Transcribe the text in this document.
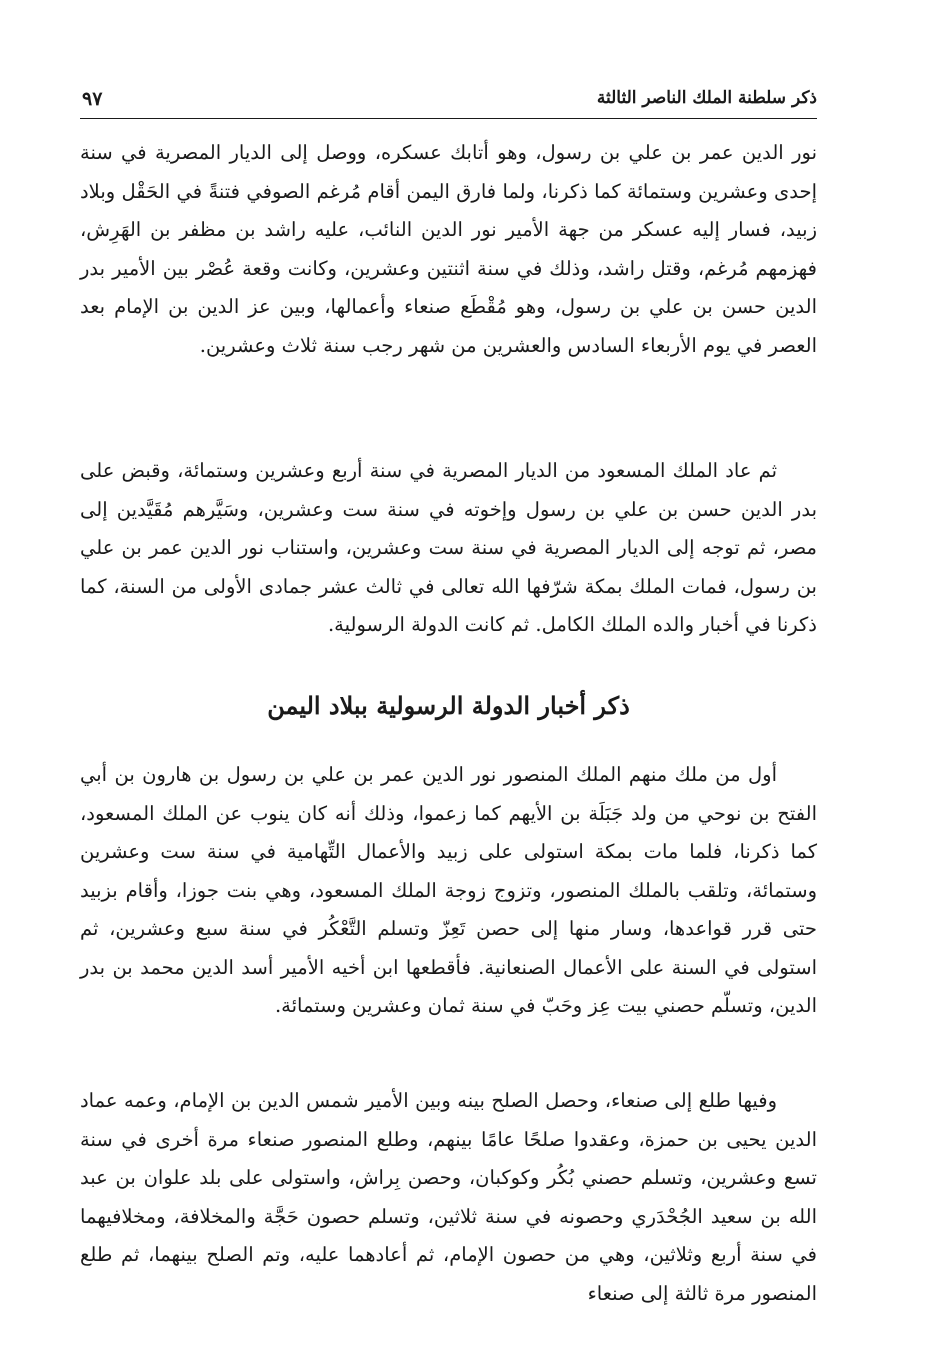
ذكر سلطنة الملك الناصر الثالثة
٩٧

نور الدين عمر بن علي بن رسول، وهو أتابك عسكره، ووصل إلى الديار المصرية في سنة إحدى وعشرين وستمائة كما ذكرنا، ولما فارق اليمن أقام مُرغم الصوفي فتنةً في الحَقْل وبلاد زبيد، فسار إليه عسكر من جهة الأمير نور الدين النائب، عليه راشد بن مظفر بن الهَرِش، فهزمهم مُرغم، وقتل راشد، وذلك في سنة اثنتين وعشرين، وكانت وقعة عُصْر بين الأمير بدر الدين حسن بن علي بن رسول، وهو مُقْطَع صنعاء وأعمالها، وبين عز الدين بن الإمام بعد العصر في يوم الأربعاء السادس والعشرين من شهر رجب سنة ثلاث وعشرين.

ثم عاد الملك المسعود من الديار المصرية في سنة أربع وعشرين وستمائة، وقبض على بدر الدين حسن بن علي بن رسول وإخوته في سنة ست وعشرين، وسَيَّرهم مُقَيَّدين إلى مصر، ثم توجه إلى الديار المصرية في سنة ست وعشرين، واستناب نور الدين عمر بن علي بن رسول، فمات الملك بمكة شرّفها الله تعالى في ثالث عشر جمادى الأولى من السنة، كما ذكرنا في أخبار والده الملك الكامل. ثم كانت الدولة الرسولية.

ذكر أخبار الدولة الرسولية ببلاد اليمن

أول من ملك منهم الملك المنصور نور الدين عمر بن علي بن رسول بن هارون بن أبي الفتح بن نوحي من ولد جَبَلَة بن الأيهم كما زعموا، وذلك أنه كان ينوب عن الملك المسعود، كما ذكرنا، فلما مات بمكة استولى على زبيد والأعمال التِّهامية في سنة ست وعشرين وستمائة، وتلقب بالملك المنصور، وتزوج زوجة الملك المسعود، وهي بنت جوزا، وأقام بزبيد حتى قرر قواعدها، وسار منها إلى حصن تَعِزّ وتسلم التَّعْكُر في سنة سبع وعشرين، ثم استولى في السنة على الأعمال الصنعانية. فأقطعها ابن أخيه الأمير أسد الدين محمد بن بدر الدين، وتسلّم حصني بيت عِز وحَبّ في سنة ثمان وعشرين وستمائة.

وفيها طلع إلى صنعاء، وحصل الصلح بينه وبين الأمير شمس الدين بن الإمام، وعمه عماد الدين يحيى بن حمزة، وعقدوا صلحًا عامًا بينهم، وطلع المنصور صنعاء مرة أخرى في سنة تسع وعشرين، وتسلم حصني بُكُر وكوكبان، وحصن بِراش، واستولى على بلد علوان بن عبد الله بن سعيد الجُحْدَري وحصونه في سنة ثلاثين، وتسلم حصون حَجَّة والمخلافة، ومخلافيهما في سنة أربع وثلاثين، وهي من حصون الإمام، ثم أعادهما عليه، وتم الصلح بينهما، ثم طلع المنصور مرة ثالثة إلى صنعاء
